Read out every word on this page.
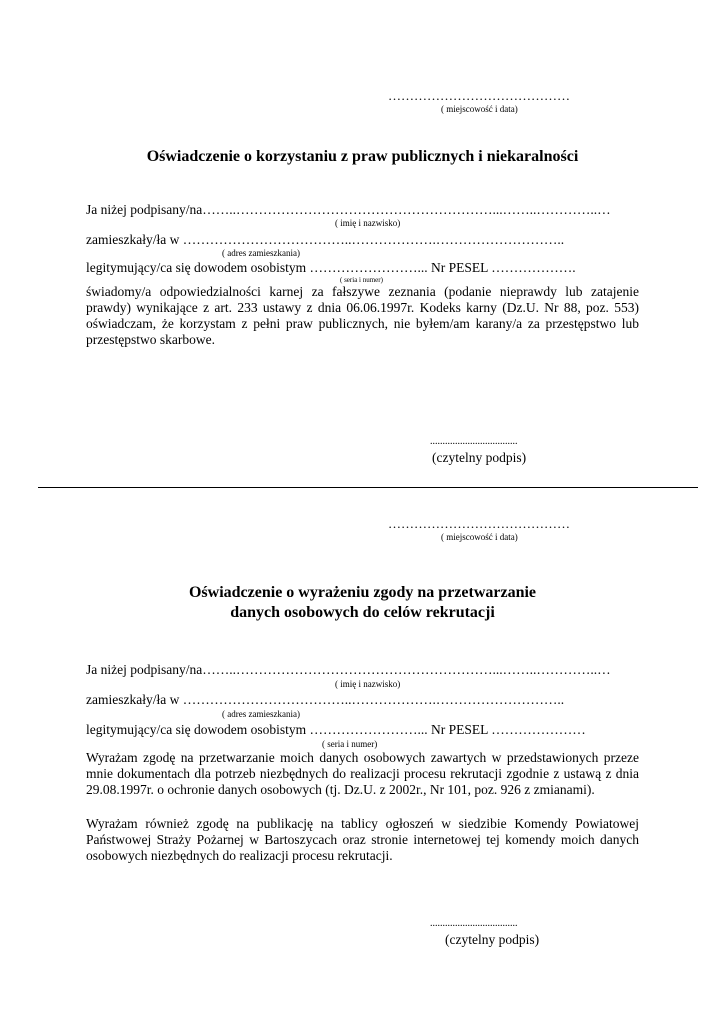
……………………………………
( miejscowość i data)
Oświadczenie o korzystaniu z praw publicznych i niekaralności
Ja niżej podpisany/na……..…………………………………………………...……..…………..…
( imię i nazwisko)
zamieszkały/ła w ………………………………..……………….………………………..
( adres zamieszkania)
legitymujący/ca się dowodem osobistym ……………………... Nr PESEL ……………….
( seria i numer)
świadomy/a odpowiedzialności karnej za fałszywe zeznania (podanie nieprawdy lub zatajenie prawdy) wynikające z art. 233 ustawy z dnia 06.06.1997r. Kodeks karny (Dz.U. Nr 88, poz. 553) oświadczam, że korzystam z pełni praw publicznych, nie byłem/am karany/a za przestępstwo lub przestępstwo skarbowe.
...................................
(czytelny podpis)
……………………………………
( miejscowość i data)
Oświadczenie o wyrażeniu zgody na przetwarzanie
danych osobowych do celów rekrutacji
Ja niżej podpisany/na……..…………………………………………………...……..…………..…
( imię i nazwisko)
zamieszkały/ła w ………………………………..……………….………………………..
( adres zamieszkania)
legitymujący/ca się dowodem osobistym ……………………... Nr PESEL …………………
( seria i numer)
Wyrażam zgodę na przetwarzanie moich danych osobowych zawartych w przedstawionych przeze mnie dokumentach dla potrzeb niezbędnych do realizacji procesu rekrutacji zgodnie z ustawą z dnia 29.08.1997r. o ochronie danych osobowych (tj. Dz.U. z 2002r., Nr 101, poz. 926 z zmianami).
Wyrażam również zgodę na publikację na tablicy ogłoszeń w siedzibie Komendy Powiatowej Państwowej Straży Pożarnej w Bartoszycach oraz stronie internetowej tej komendy moich danych osobowych niezbędnych do realizacji procesu rekrutacji.
...................................
(czytelny podpis)
